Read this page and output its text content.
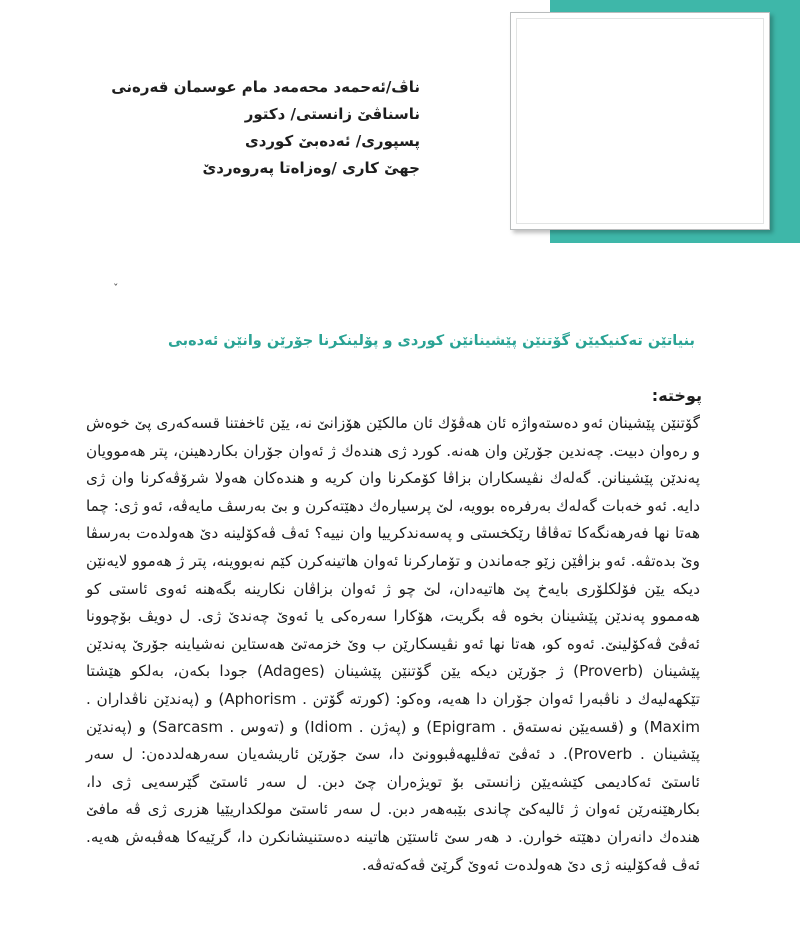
ناڤ/ئەحمەد محەمەد مام عوسمان قەرەنى
ناسناڤێ زانستی/ دکتور
پسپوری/ ئەدەبێ کوردی
جهێ کاری /وەزاەتا پەروەردێ
ˇ
بنیاتێن تەکنیکیێن گۆتنێن پێشینانێن کوردی و پۆلینکرنا جۆرێن وانێن ئەدەبی
پوختە:

گۆتنێن پێشینان ئەو دەستەواژە ئان هەڤۆك ئان مالکێن هۆزانێ نە، یێن ئاخفتنا قسەکەری پێ خوەش و رەوان دبیت. چەندین جۆرێن وان هەنە. کورد ژی هندەك ژ ئەوان جۆران بکاردهینن، پتر هەموویان پەندێن پێشینانن. گەلەك نڤیسکاران بزاڤا کۆمکرنا وان کریە و هندەکان هەولا شرۆڤەکرنا وان ژی دایە. ئەو خەبات گەلەك بەرفرەه بوویە، لێ پرسیارەك دهێتەکرن و بێ بەرسڤ مایەڤە، ئەو ژی: چما هەتا نها فەرهەنگەکا تەڤاڤا رێکخستی و پەسەندکرییا وان نییە؟ ئەڤ ڤەکۆلینە دێ هەولدەت بەرسڤا وێ بدەتڤە. ئەو بزاڤێن زێو جەماندن و تۆمارکرنا ئەوان هاتینەکرن کێم نەبووینە، پتر ژ هەموو لایەنێن دیکە یێن فۆلکلۆری بایەخ پێ هاتیەدان، لێ چو ژ ئەوان بزاڤان نکارینە بگەهنە ئەوی ئاستی کو هەمموو پەندێن پێشینان بخوە ڤە بگریت، هۆکارا سەرەکی یا ئەوێ چەندێ ژی. ل دویڤ بۆچوونا ئەڤێ ڤەکۆلینێ. ئەوە کو، هەتا نها ئەو نڤیسکارێن ب وێ خزمەتێ هەستاین نەشیاینە جۆرێ پەندێن پێشینان (Proverb) ژ جۆرێن دیکە یێن گۆتنێن پێشینان (Adages) جودا بکەن، بەلکو هێشتا تێکهەلیەك د ناڤبەرا ئەوان جۆران دا هەیە، وەکو: (کورتە گۆتن . Aphorism) و (پەندێن ناڤداران . Maxim) و (قسەیێن نەستەق . Epigram) و (پەژن . Idiom) و (تەوس . Sarcasm) و (پەندێن پێشینان . Proverb). د ئەڤێ تەڤلیهەڤبوونێ دا، سێ جۆرێن ئاریشەیان سەرهەلددەن: ل سەر ئاستێ ئەکادیمی کێشەیێن زانستی بۆ تویژەران چێ دبن. ل سەر ئاستێ گێرسەیی ژی دا، بکارهێنەرێن ئەوان ژ ئالیەکێ چاندی بێبەهەر دبن. ل سەر ئاستێ مولکداریێیا هزری ژی ڤە مافێ هندەك دانەران دهێتە خوارن. د هەر سێ ئاستێن هاتینە دەستنیشانکرن دا، گرێیەکا هەڤبەش هەیە. ئەڤ ڤەکۆلینە ژی دێ هەولدەت ئەوێ گرێێ ڤەکەتەڤە.
